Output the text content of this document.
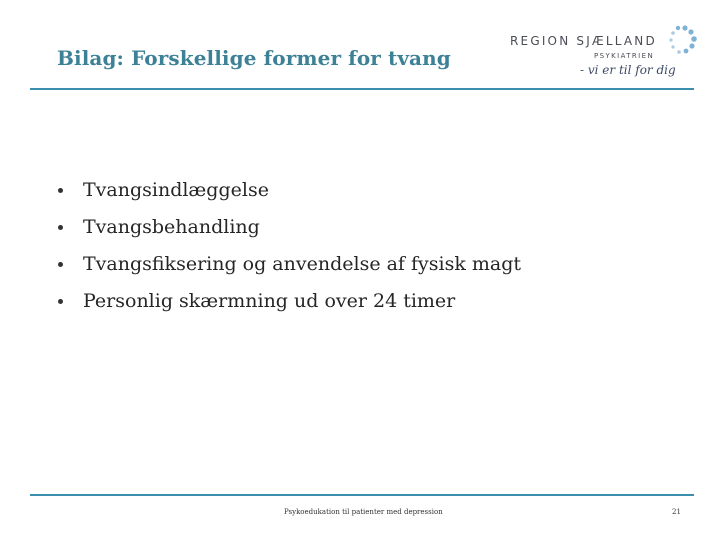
Bilag: Forskellige former for tvang
REGION SJÆLLAND
PSYKIATRIEN
- vi er til for dig
Tvangsindlæggelse
Tvangsbehandling
Tvangsfiksering og anvendelse af fysisk magt
Personlig skærmning ud over 24 timer
Psykoedukation til patienter med depression	21
